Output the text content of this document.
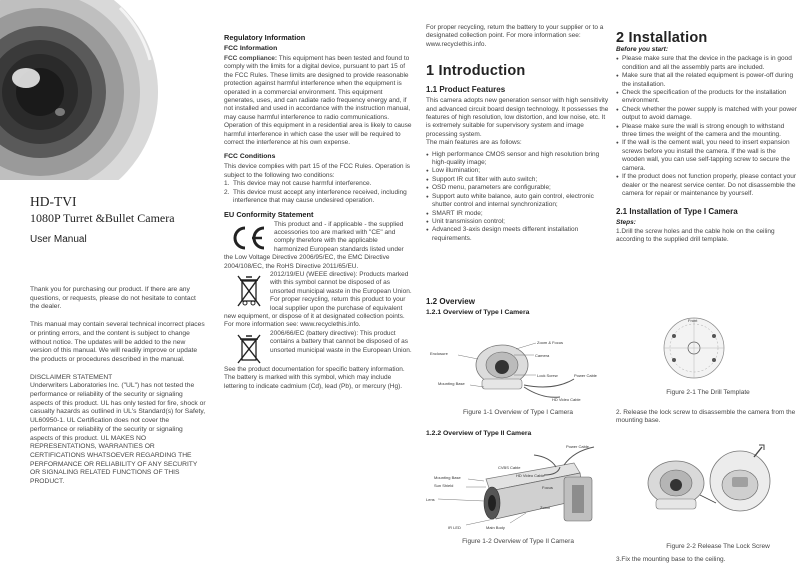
HD-TVI
1080P Turret &Bullet Camera
User Manual

Thank you for purchasing our product. If there are any questions, or requests, please do not hesitate to contact the dealer.

This manual may contain several technical incorrect places or printing errors, and the content is subject to change without notice. The updates will be added to the new version of this manual. We will readily improve or update the products or procedures described in the manual.

DISCLAIMER STATEMENT

Underwriters Laboratories Inc. ("UL") has not tested the performance or reliability of the security or signaling aspects of this product. UL has only tested for fire, shock or casualty hazards as outlined in UL's Standard(s) for Safety, UL60950-1. UL Certification does not cover the performance or reliability of the security or signaling aspects of this product. UL MAKES NO REPRESENTATIONS, WARRANTIES OR CERTIFICATIONS WHATSOEVER REGARDING THE PERFORMANCE OR RELIABILITY OF ANY SECURITY OR SIGNALING RELATED FUNCTIONS OF THIS PRODUCT.

Regulatory Information
FCC Information
FCC compliance: This equipment has been tested and found to comply with the limits for a digital device, pursuant to part 15 of the FCC Rules. These limits are designed to provide reasonable protection against harmful interference when the equipment is operated in a commercial environment. This equipment generates, uses, and can radiate radio frequency energy and, if not installed and used in accordance with the instruction manual, may cause harmful interference to radio communications. Operation of this equipment in a residential area is likely to cause harmful interference in which case the user will be required to correct the interference at his own expense.
FCC Conditions
This device complies with part 15 of the FCC Rules. Operation is subject to the following two conditions:
1. This device may not cause harmful interference.
2. This device must accept any interference received, including interference that may cause undesired operation.
EU Conformity Statement
This product and - if applicable - the supplied accessories too are marked with "CE" and comply therefore with the applicable harmonized European standards listed under the Low Voltage Directive 2006/95/EC, the EMC Directive 2004/108/EC, the RoHS Directive 2011/65/EU.
2012/19/EU (WEEE directive): Products marked with this symbol cannot be disposed of as unsorted municipal waste in the European Union. For proper recycling, return this product to your local supplier upon the purchase of equivalent new equipment, or dispose of it at designated collection points. For more information see: www.recyclethis.info.
2006/66/EC (battery directive): This product contains a battery that cannot be disposed of as unsorted municipal waste in the European Union.
See the product documentation for specific battery information. The battery is marked with this symbol, which may include lettering to indicate cadmium (Cd), lead (Pb), or mercury (Hg).
For proper recycling, return the battery to your supplier or to a designated collection point. For more information see: www.recyclethis.info.
1 Introduction
1.1 Product Features
This camera adopts new generation sensor with high sensitivity and advanced circuit board design technology. It possesses the features of high resolution, low distortion, and low noise, etc. It is extremely suitable for supervisory system and image processing system.
The main features are as follows:
● High performance CMOS sensor and high resolution bring high-quality image;
● Low illumination;
● Support IR cut filter with auto switch;
● OSD menu, parameters are configurable;
● Support auto white balance, auto gain control, electronic shutter control and internal synchronization;
● SMART IR mode;
● Unit transmission control;
● Advanced 3-axis design meets different installation requirements.
1.2 Overview
1.2.1 Overview of Type I Camera
Zoom & Focus
Camera
Enclosure
Lock Screw	Power Cable
Mounting Base
HD Video Cable
Figure 1-1 Overview of Type I Camera
1.2.2 Overview of Type II Camera
Power Cable
CVBS Cable
HD Video Cable
Mounting Base
Sun Shield
Lens
Focus
Zoom
Main Body
IR LED
Figure 1-2 Overview of Type II Camera
2 Installation
Before you start:
● Please make sure that the device in the package is in good condition and all the assembly parts are included.
● Make sure that all the related equipment is power-off during the installation.
● Check the specification of the products for the installation environment.
● Check whether the power supply is matched with your power output to avoid damage.
● Please make sure the wall is strong enough to withstand three times the weight of the camera and the mounting.
● If the wall is the cement wall, you need to insert expansion screws before you install the camera. If the wall is the wooden wall, you can use self-tapping screw to secure the camera.
● If the product does not function properly, please contact your dealer or the nearest service center. Do not disassemble the camera for repair or maintenance by yourself.
2.1 Installation of Type I Camera
Steps:
1.Drill the screw holes and the cable hole on the ceiling according to the supplied drill template.
Front
Figure 2-1 The Drill Template
2. Release the lock screw to disassemble the camera from the mounting base.
Figure 2-2 Release The Lock Screw
3.Fix the mounting base to the ceiling.
